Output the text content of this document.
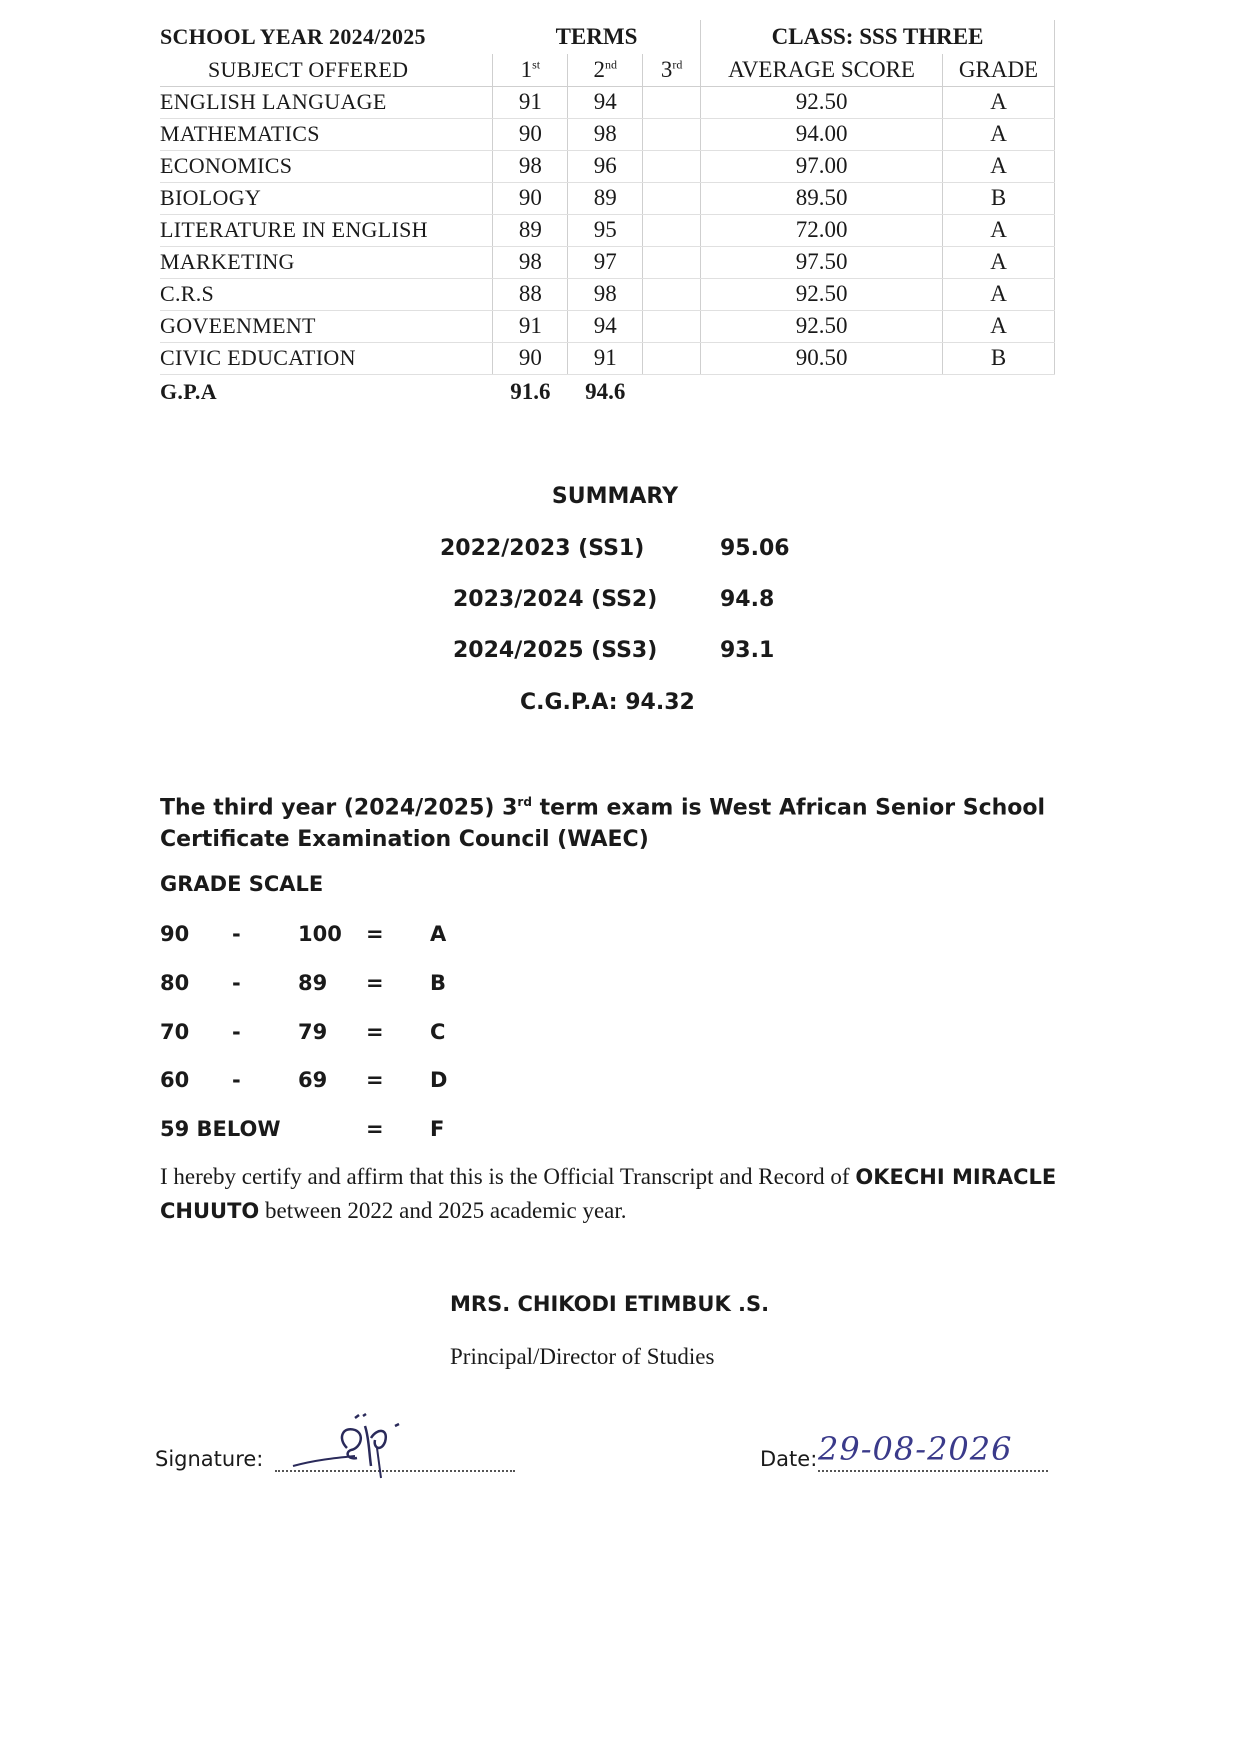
SCHOOL YEAR 2024/2025	TERMS			CLASS: SSS THREE	
SUBJECT OFFERED	1st	2nd	3rd	AVERAGE SCORE	GRADE
ENGLISH LANGUAGE	91	94		92.50	A
MATHEMATICS	90	98		94.00	A
ECONOMICS	98	96		97.00	A
BIOLOGY	90	89		89.50	B
LITERATURE IN ENGLISH	89	95		72.00	A
MARKETING	98	97		97.50	A
C.R.S	88	98		92.50	A
GOVEENMENT	91	94		92.50	A
CIVIC EDUCATION	90	91		90.50	B
G.P.A	91.6	94.6			
SUMMARY
2022/2023 (SS1)	95.06
2023/2024 (SS2)	94.8
2024/2025 (SS3)	93.1
C.G.P.A: 94.32
The third year (2024/2025) 3rd term exam is West African Senior School Certificate Examination Council (WAEC)
GRADE SCALE
90 -	100 = A
80 -	89 = B
70 -	79 = C
60 -	69 = D
59 BELOW	= F
I hereby certify and affirm that this is the Official Transcript and Record of OKECHI MIRACLE CHUUTO between 2022 and 2025 academic year.
MRS. CHIKODI ETIMBUK .S.
Principal/Director of Studies
Signature:	Date: 29-08-2026
